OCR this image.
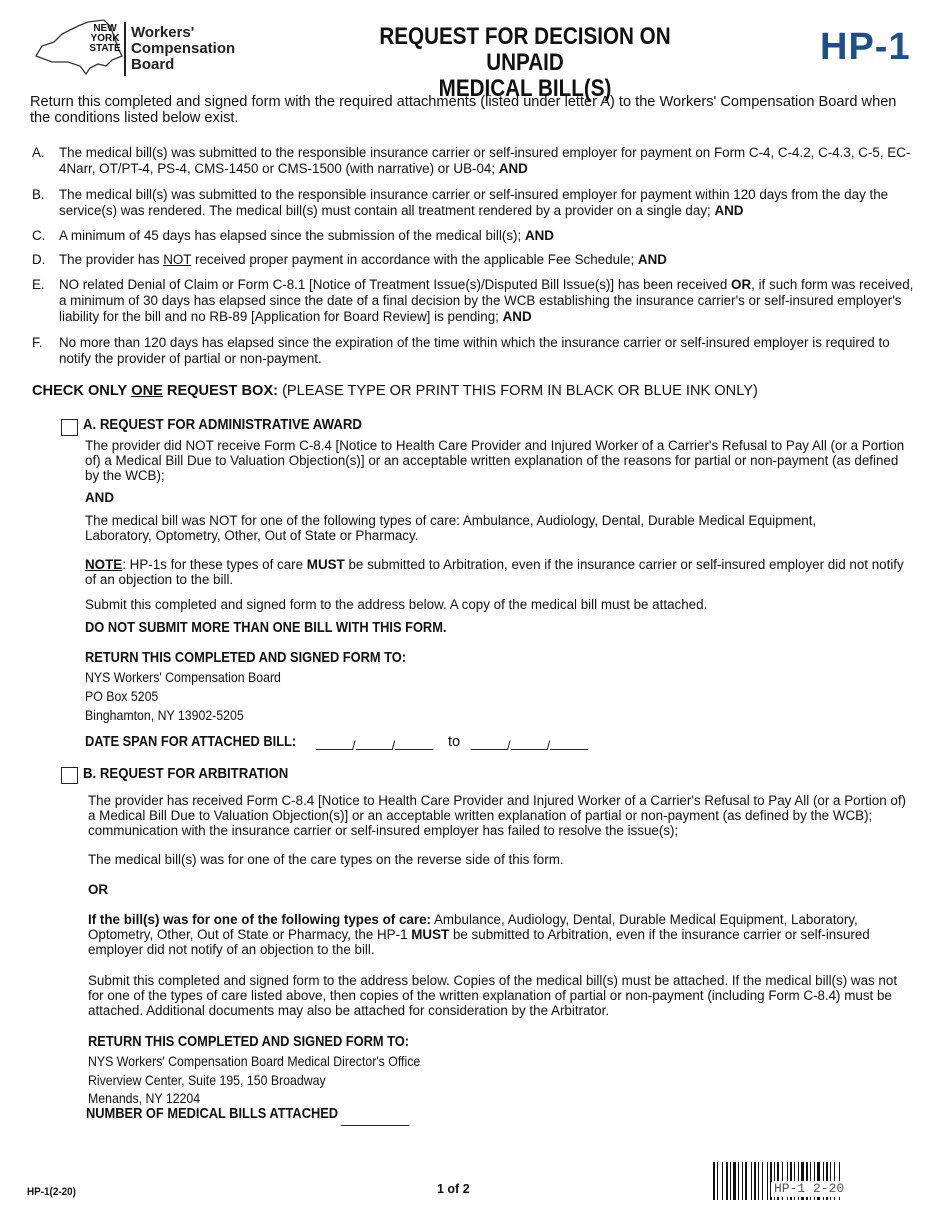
NEW YORK STATE
Workers'
Compensation
Board
REQUEST FOR DECISION ON UNPAID
MEDICAL BILL(S)
HP-1
Return this completed and signed form with the required attachments (listed under letter A) to the Workers' Compensation Board when the conditions listed below exist.
A. The medical bill(s) was submitted to the responsible insurance carrier or self-insured employer for payment on Form C-4, C-4.2, C-4.3, C-5, EC-4Narr, OT/PT-4, PS-4, CMS-1450 or CMS-1500 (with narrative) or UB-04; AND
B. The medical bill(s) was submitted to the responsible insurance carrier or self-insured employer for payment within 120 days from the day the service(s) was rendered. The medical bill(s) must contain all treatment rendered by a provider on a single day; AND
C. A minimum of 45 days has elapsed since the submission of the medical bill(s); AND
D. The provider has NOT received proper payment in accordance with the applicable Fee Schedule; AND
E. NO related Denial of Claim or Form C-8.1 [Notice of Treatment Issue(s)/Disputed Bill Issue(s)] has been received OR, if such form was received, a minimum of 30 days has elapsed since the date of a final decision by the WCB establishing the insurance carrier's or self-insured employer's liability for the bill and no RB-89 [Application for Board Review] is pending; AND
F. No more than 120 days has elapsed since the expiration of the time within which the insurance carrier or self-insured employer is required to notify the provider of partial or non-payment.
CHECK ONLY ONE REQUEST BOX: (PLEASE TYPE OR PRINT THIS FORM IN BLACK OR BLUE INK ONLY)
A. REQUEST FOR ADMINISTRATIVE AWARD
The provider did NOT receive Form C-8.4 [Notice to Health Care Provider and Injured Worker of a Carrier's Refusal to Pay All (or a Portion of) a Medical Bill Due to Valuation Objection(s)] or an acceptable written explanation of the reasons for partial or non-payment (as defined by the WCB);
AND
The medical bill was NOT for one of the following types of care: Ambulance, Audiology, Dental, Durable Medical Equipment, Laboratory, Optometry, Other, Out of State or Pharmacy.
NOTE: HP-1s for these types of care MUST be submitted to Arbitration, even if the insurance carrier or self-insured employer did not notify of an objection to the bill.
Submit this completed and signed form to the address below. A copy of the medical bill must be attached.
DO NOT SUBMIT MORE THAN ONE BILL WITH THIS FORM.
RETURN THIS COMPLETED AND SIGNED FORM TO:
NYS Workers' Compensation Board
PO Box 5205
Binghamton, NY 13902-5205
DATE SPAN FOR ATTACHED BILL:	/	/	to	/	/
B. REQUEST FOR ARBITRATION
The provider has received Form C-8.4 [Notice to Health Care Provider and Injured Worker of a Carrier's Refusal to Pay All (or a Portion of) a Medical Bill Due to Valuation Objection(s)] or an acceptable written explanation of partial or non-payment (as defined by the WCB); communication with the insurance carrier or self-insured employer has failed to resolve the issue(s);
The medical bill(s) was for one of the care types on the reverse side of this form.
OR
If the bill(s) was for one of the following types of care: Ambulance, Audiology, Dental, Durable Medical Equipment, Laboratory, Optometry, Other, Out of State or Pharmacy, the HP-1 MUST be submitted to Arbitration, even if the insurance carrier or self-insured employer did not notify of an objection to the bill.
Submit this completed and signed form to the address below. Copies of the medical bill(s) must be attached. If the medical bill(s) was not for one of the types of care listed above, then copies of the written explanation of partial or non-payment (including Form C-8.4) must be attached. Additional documents may also be attached for consideration by the Arbitrator.
RETURN THIS COMPLETED AND SIGNED FORM TO:
NYS Workers' Compensation Board Medical Director's Office
Riverview Center, Suite 195, 150 Broadway
Menands, NY 12204
NUMBER OF MEDICAL BILLS ATTACHED
HP-1(2-20)	1 of 2	HP-1 2-20
